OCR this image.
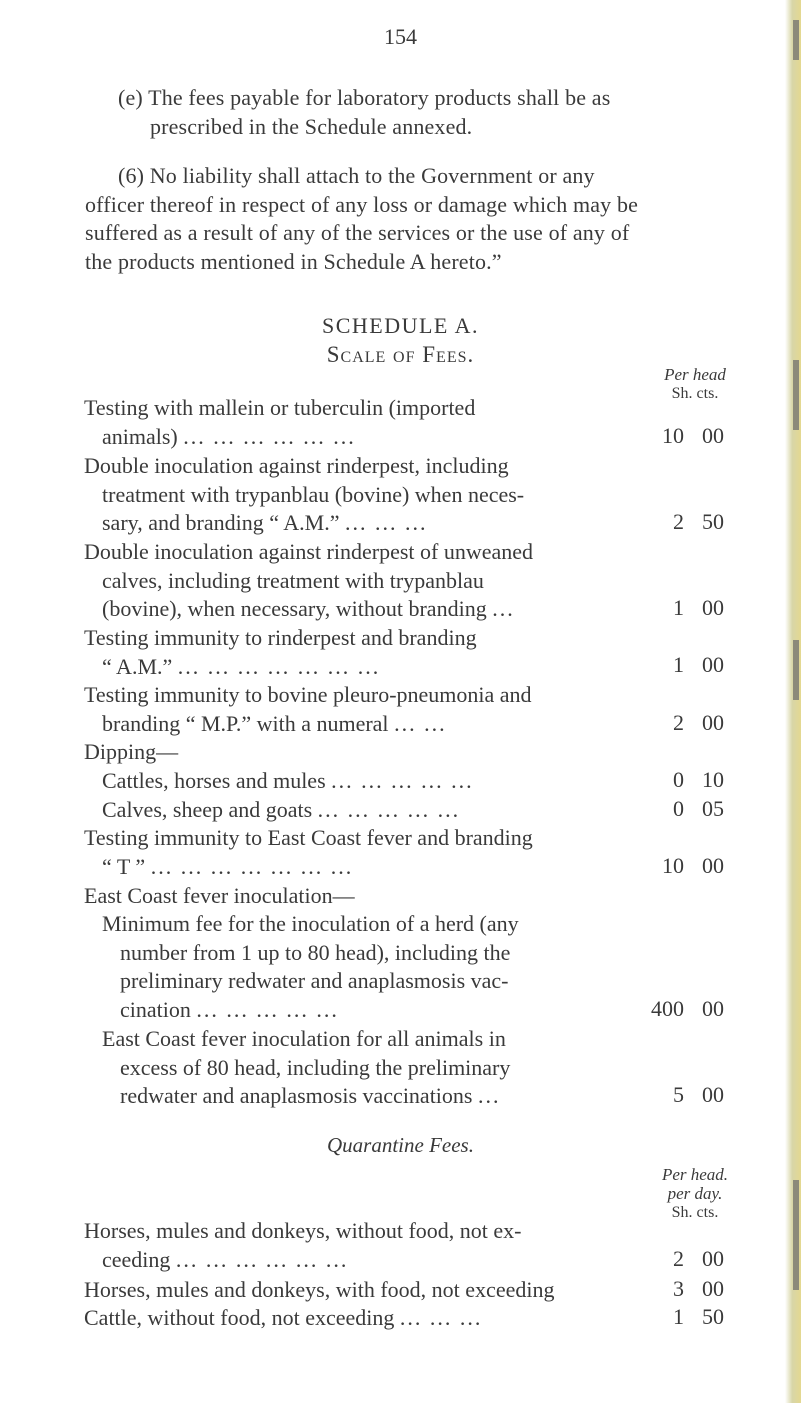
154
(e) The fees payable for laboratory products shall be as
prescribed in the Schedule annexed.
(6) No liability shall attach to the Government or any
officer thereof in respect of any loss or damage which may be
suffered as a result of any of the services or the use of any of
the products mentioned in Schedule A hereto.”
SCHEDULE A.
Scale of Fees.
Per head
Sh. cts.
Testing with mallein or tuberculin (imported
animals) ... ... ... ... ... ...	10 00
Double inoculation against rinderpest, including
treatment with trypanblau (bovine) when neces-
sary, and branding “ A.M.” ... ... ...	2 50
Double inoculation against rinderpest of unweaned
calves, including treatment with trypanblau
(bovine), when necessary, without branding ...	1 00
Testing immunity to rinderpest and branding
“ A.M.” ... ... ... ... ... ... ...	1 00
Testing immunity to bovine pleuro-pneumonia and
branding “ M.P.” with a numeral ... ...	2 00
Dipping—
Cattles, horses and mules ... ... ... ... ...	0 10
Calves, sheep and goats ... ... ... ... ...	0 05
Testing immunity to East Coast fever and branding
“ T ” ... ... ... ... ... ... ...	10 00
East Coast fever inoculation—
Minimum fee for the inoculation of a herd (any
number from 1 up to 80 head), including the
preliminary redwater and anaplasmosis vac-
cination ... ... ... ... ...	400 00
East Coast fever inoculation for all animals in
excess of 80 head, including the preliminary
redwater and anaplasmosis vaccinations ...	5 00
Quarantine Fees.
Per head.
per day.
Sh. cts.
Horses, mules and donkeys, without food, not ex-
ceeding ... ... ... ... ... ...	2 00
Horses, mules and donkeys, with food, not exceeding	3 00
Cattle, without food, not exceeding ... ... ...	1 50
